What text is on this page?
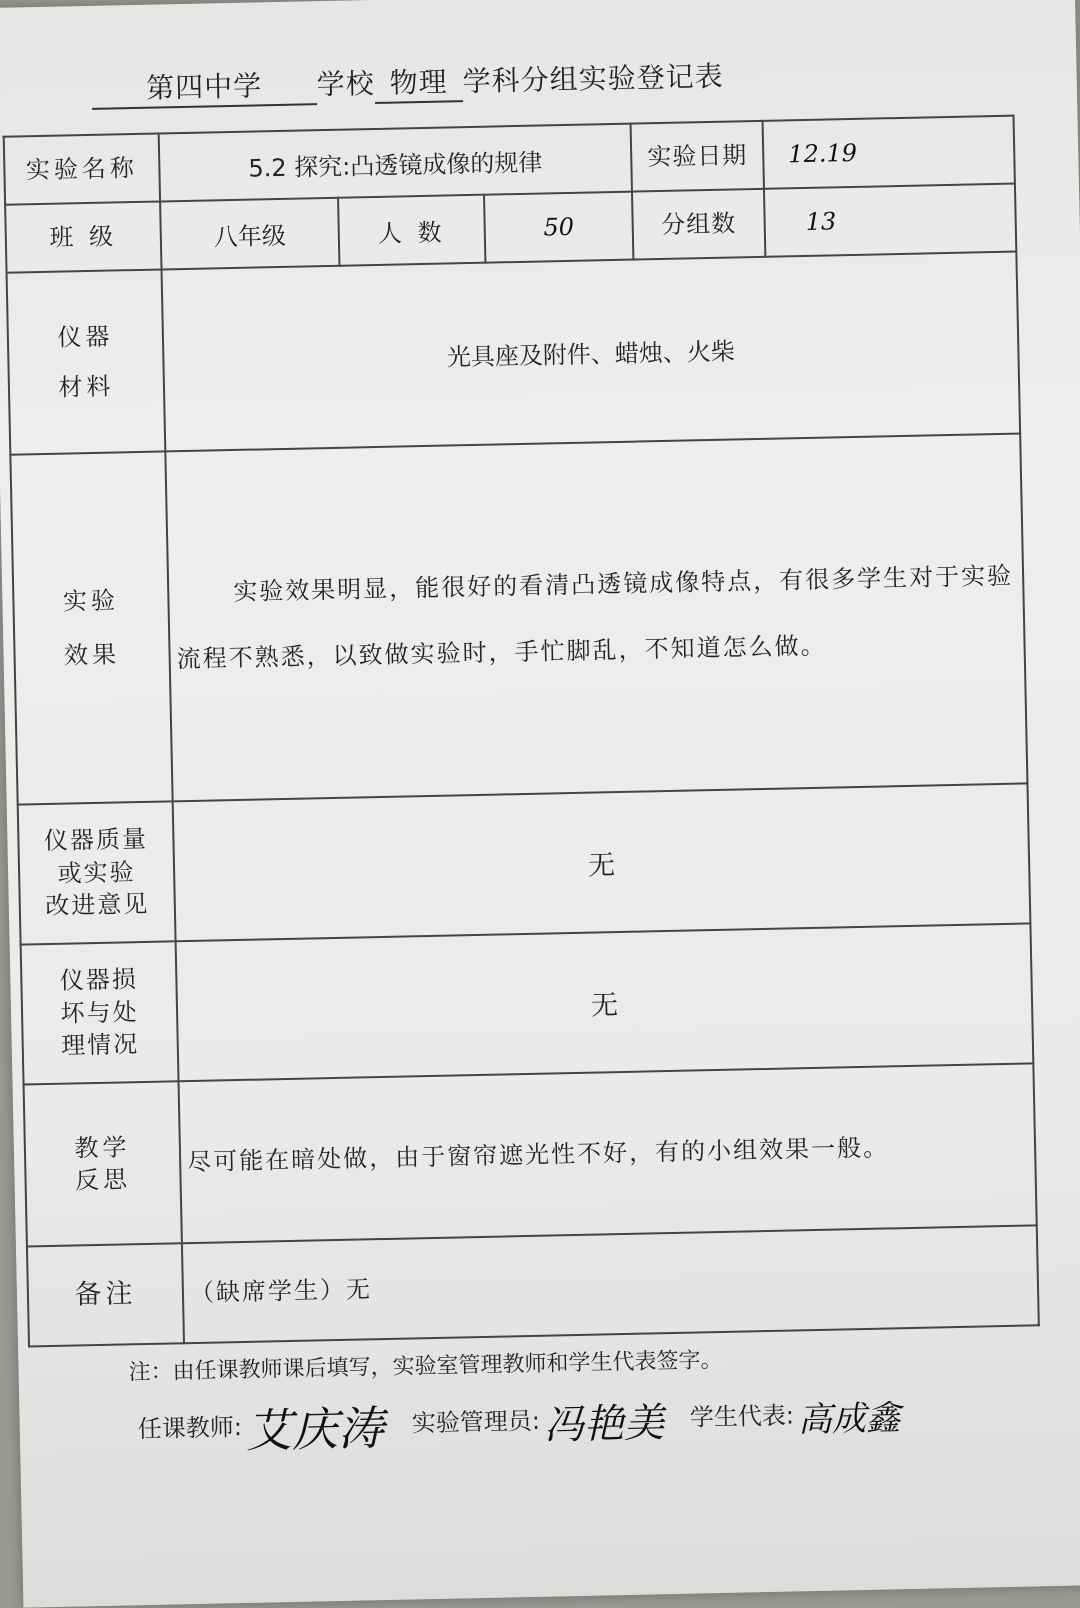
第四中学 学校 物理 学科分组实验登记表
实验名称	5.2 探究:凸透镜成像的规律			实验日期	12.19
班 级	八年级	人 数	50	分组数	13

仪器
材料	光具座及附件、蜡烛、火柴				

实验
效果	实验效果明显，能很好的看清凸透镜成像特点，有很多学生对于实验流程不熟悉，以致做实验时，手忙脚乱，不知道怎么做。				

仪器质量
或实验
改进意见	无				

仪器损
坏与处
理情况	无				

教学
反思	尽可能在暗处做，由于窗帘遮光性不好，有的小组效果一般。				
备注	（缺席学生）无				
注：由任课教师课后填写，实验室管理教师和学生代表签字。
任课教师:艾庆涛 实验管理员:冯艳美 学生代表:高成鑫
